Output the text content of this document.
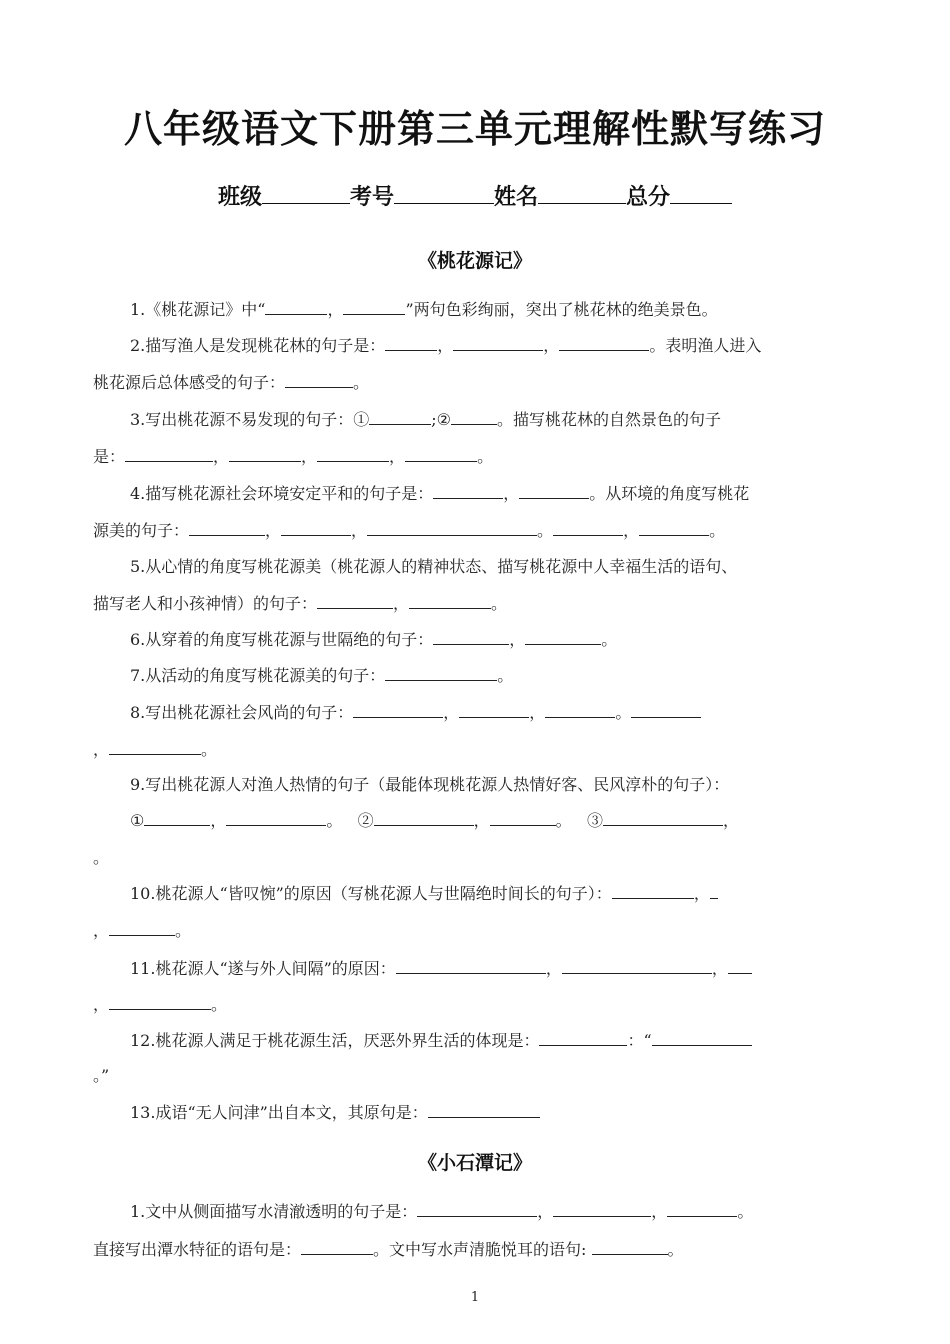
八年级语文下册第三单元理解性默写练习
班级	考号	姓名	总分
《桃花源记》
1.《桃花源记》中“	，	”两句色彩绚丽，突出了桃花林的绝美景色。
2.描写渔人是发现桃花林的句子是：	，	，	。表明渔人进入
桃花源后总体感受的句子：	。
3.写出桃花源不易发现的句子：①	;②	。描写桃花林的自然景色的句子
是：	，	，	，	。
4.描写桃花源社会环境安定平和的句子是：	，	。从环境的角度写桃花
源美的句子：	，	，	。	，	。
5.从心情的角度写桃花源美（桃花源人的精神状态、描写桃花源中人幸福生活的语句、
描写老人和小孩神情）的句子：	，	。
6.从穿着的角度写桃花源与世隔绝的句子：	，	。
7.从活动的角度写桃花源美的句子：	。
8.写出桃花源社会风尚的句子：	，	，	。
，	。
9.写出桃花源人对渔人热情的句子（最能体现桃花源人热情好客、民风淳朴的句子）：
①	，	。 ②	，	。 ③	，
。
10.桃花源人“皆叹惋”的原因（写桃花源人与世隔绝时间长的句子）：	，
，	。
11.桃花源人“遂与外人间隔”的原因：	，	，
，	。
12.桃花源人满足于桃花源生活，厌恶外界生活的体现是：	：“
。”
13.成语“无人问津”出自本文，其原句是：
《小石潭记》
1.文中从侧面描写水清澈透明的句子是：	，	，	。
直接写出潭水特征的语句是：	。文中写水声清脆悦耳的语句:	。
1
